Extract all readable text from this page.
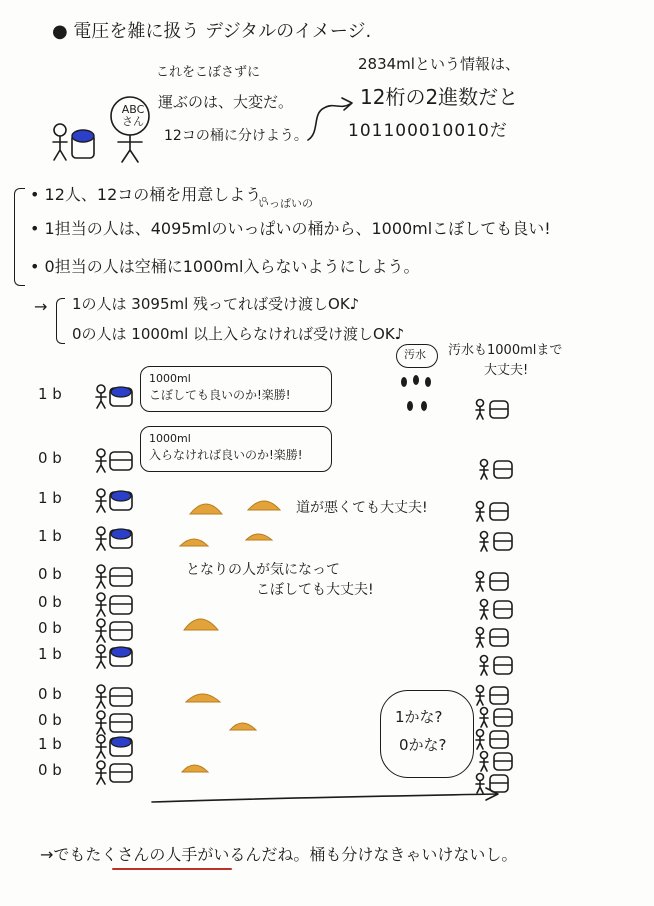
● 電圧を雑に扱う デジタルのイメージ.
ABCさん
これをこぼさずに
運ぶのは、大変だ。
12コの桶に分けよう。
2834mlという情報は、
12桁の2進数だと
101100010010だ
いっぱいの
• 12人、12コの桶を用意しよう。
• 1担当の人は、4095mlのいっぱいの桶から、1000mlこぼしても良い!
• 0担当の人は空桶に1000ml入らないようにしよう。
→ 1の人は 3095ml 残ってれば受け渡しOK♪
0の人は 1000ml 以上入らなければ受け渡しOK♪
1 b
0 b
1 b
1 b
0 b
0 b
0 b
1 b
0 b
0 b
1 b
0 b
1000ml
こぼしても良いのか!楽勝!
1000ml
入らなければ良いのか!楽勝!
汚水 汚水も1000mlまで
大丈夫!
道が悪くても大丈夫!
となりの人が気になって
こぼしても大丈夫!
1かな?
0かな?
→でもたくさんの人手がいるんだね。桶も分けなきゃいけないし。
